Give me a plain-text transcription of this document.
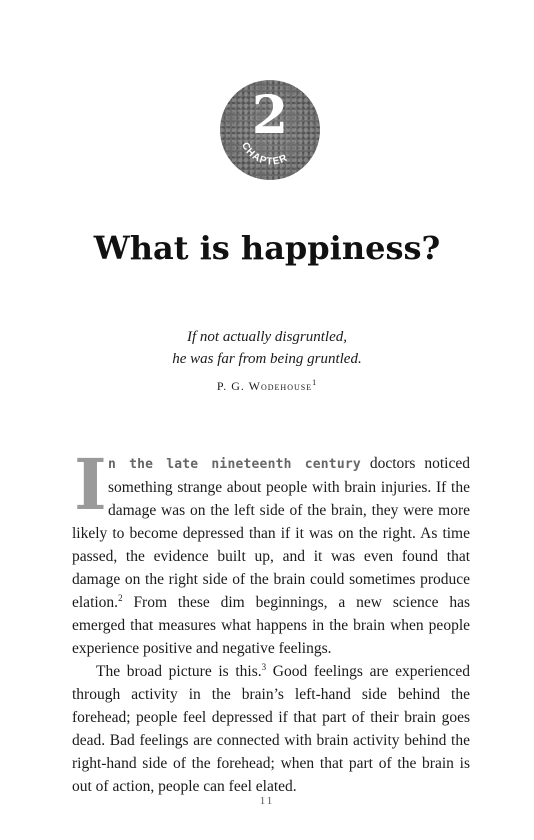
2
CHAPTER
What is happiness?
If not actually disgruntled,
he was far from being gruntled.
P. G. Wodehouse$^1$

I n the late nineteenth century doctors noticed something strange about people with brain injuries. If the damage was on the left side of the brain, they were more likely to become depressed than if it was on the right. As time passed, the evidence built up, and it was even found that damage on the right side of the brain could sometimes produce elation.$^2$ From these dim beginnings, a new science has emerged that measures what happens in the brain when people experience positive and negative feelings.

The broad picture is this.$^3$ Good feelings are experienced through activity in the brain’s left-hand side behind the forehead; people feel depressed if that part of their brain goes dead. Bad feelings are connected with brain activity behind the right-hand side of the forehead; when that part of the brain is out of action, people can feel elated.

11
